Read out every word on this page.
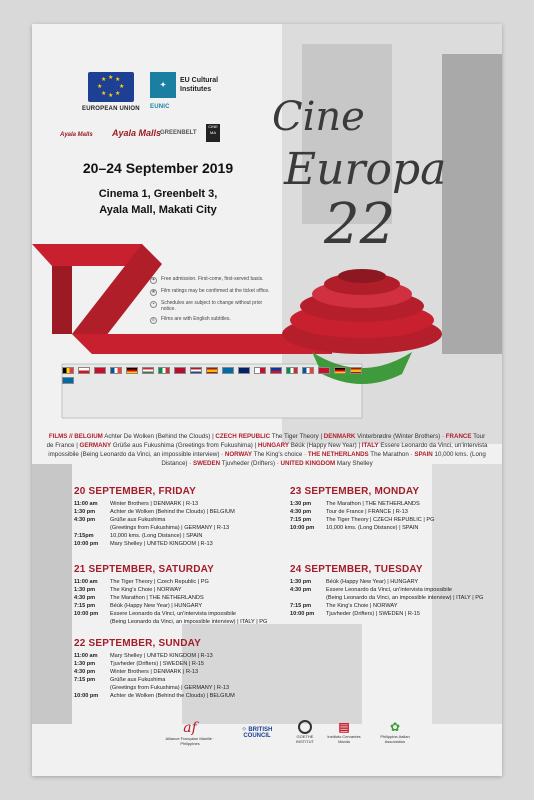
★ ★
★
★
★
★
★
★
EUROPEAN UNION
✦
EUNIC
EU Cultural Institutes
Ayala Malls Ayala Malls
GREENBELT
CINE
MA
20–24 September 2019
Cinema 1, Greenbelt 3,
Ayala Mall, Makati City
Cine
Europa
22
✦ Free admission. First-come, first-served basis.
★ Film ratings may be confirmed at the ticket office.
▪	Schedules are subject to change without prior notice.
≡	Films are with English subtitles.
FILMS // BELGIUM Achter De Wolken (Behind the Clouds) | CZECH REPUBLIC The Tiger Theory | DENMARK Vinterbrødre (Winter Brothers) · FRANCE Tour de France | GERMANY Grüße aus Fukushima (Greetings from Fukushima) | HUNGARY Béúk (Happy New Year) | ITALY Essere Leonardo da Vinci, un'intervista impossibile (Being Leonardo da Vinci, an impossible interview) · NORWAY The King's choice · THE NETHERLANDS The Marathon · SPAIN 10,000 kms. (Long Distance) · SWEDEN Tjuvheder (Drifters) · UNITED KINGDOM Mary Shelley
20 SEPTEMBER, FRIDAY
11:00 am	Winter Brothers | DENMARK | R-13
1:30 pm	Achter de Wolken (Behind the Clouds) | BELGIUM
4:30 pm	Grüße aus Fukushima
(Greetings from Fukushima) | GERMANY | R-13
7:15pm	10,000 kms. (Long Distance) | SPAIN
10:00 pm	Mary Shelley | UNITED KINGDOM | R-13
21 SEPTEMBER, SATURDAY
11:00 am	The Tiger Theory | Czech Republic | PG
1:30 pm	The King's Choie | NORWAY
4:30 pm	The Marathon | THE NETHERLANDS
7:15 pm	Béúk (Happy New Year) | HUNGARY
10:00 pm	Essere Leonardo da Vinci, un'intervista impossibile
(Being Leonardo da Vinci, an impossible interview) | ITALY | PG
22 SEPTEMBER, SUNDAY
11:00 am	Mary Shelley | UNITED KINGDOM | R-13
1:30 pm	Tjuvheder (Drifters) | SWEDEN | R-15
4:30 pm	Winter Brothers | DENMARK | R-13
7:15 pm	Grüße aus Fukushima
(Greetings from Fukushima) | GERMANY | R-13
10:00 pm	Achter de Wolken (Behind the Clouds) | BELGIUM
23 SEPTEMBER, MONDAY
1:30 pm	The Marathon | THE NETHERLANDS
4:30 pm	Tour de France | FRANCE | R-13
7:15 pm	The Tiger Theory | CZECH REPUBLIC | PG
10:00 pm	10,000 kms. (Long Distance) | SPAIN
24 SEPTEMBER, TUESDAY
1:30 pm	Béúk (Happy New Year) | HUNGARY
4:30 pm	Essere Leonardo da Vinci, un'intervista impossibile
(Being Leonardo da Vinci, an impossible interview) | ITALY | PG
7:15 pm	The King's Choie | NORWAY
10:00 pm	Tjuvheder (Drifters) | SWEDEN | R-15
af
Alliance Française Manille · Philippines
⁘ BRITISH COUNCIL	GOETHE INSTITUT
▤
Instituto Cervantes Manila
✿
Philippine-Italian Association
